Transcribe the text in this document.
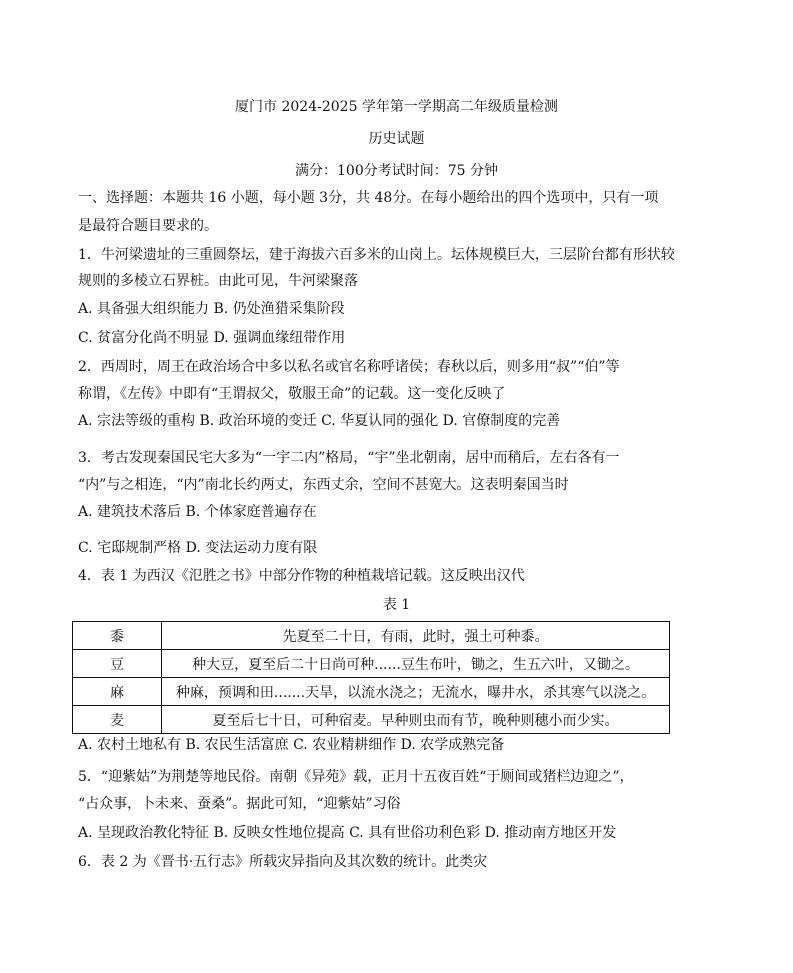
厦门市 2024-2025 学年第一学期高二年级质量检测
历史试题
满分：100分考试时间：75 分钟
一、选择题：本题共 16 小题，每小题 3分，共 48分。在每小题给出的四个选项中，只有一项
是最符合题目要求的。
1．牛河梁遗址的三重圆祭坛，建于海拔六百多米的山岗上。坛体规模巨大，三层阶台都有形状较
规则的多棱立石界桩。由此可见，牛河梁聚落
A. 具备强大组织能力 B. 仍处渔猎采集阶段
C. 贫富分化尚不明显 D. 强调血缘纽带作用
2．西周时，周王在政治场合中多以私名或官名称呼诸侯；春秋以后，则多用“叔”“伯”等
称谓，《左传》中即有“王谓叔父，敬服王命”的记载。这一变化反映了
A. 宗法等级的重构 B. 政治环境的变迁 C. 华夏认同的强化 D. 官僚制度的完善
3．考古发现秦国民宅大多为“一宇二内”格局，“宇”坐北朝南，居中而稍后，左右各有一
“内”与之相连，“内”南北长约两丈，东西丈余，空间不甚宽大。这表明秦国当时
A. 建筑技术落后 B. 个体家庭普遍存在
C. 宅邸规制严格 D. 变法运动力度有限
4．表 1 为西汉《氾胜之书》中部分作物的种植栽培记载。这反映出汉代
表 1
黍	先夏至二十日，有雨，此时，强土可种黍。
豆	种大豆，夏至后二十日尚可种......豆生布叶，锄之，生五六叶，又锄之。
麻	种麻，预调和田.......天旱，以流水浇之；无流水，曝井水，杀其寒气以浇之。
麦	夏至后七十日，可种宿麦。早种则虫而有节，晚种则穗小而少实。
A. 农村土地私有 B. 农民生活富庶 C. 农业精耕细作 D. 农学成熟完备
5．“迎紫姑”为荆楚等地民俗。南朝《异苑》载，正月十五夜百姓“于厕间或猪栏边迎之”，
“占众事，卜未来、蚕桑”。据此可知，“迎紫姑”习俗
A. 呈现政治教化特征 B. 反映女性地位提高 C. 具有世俗功利色彩 D. 推动南方地区开发
6．表 2 为《晋书·五行志》所载灾异指向及其次数的统计。此类灾
